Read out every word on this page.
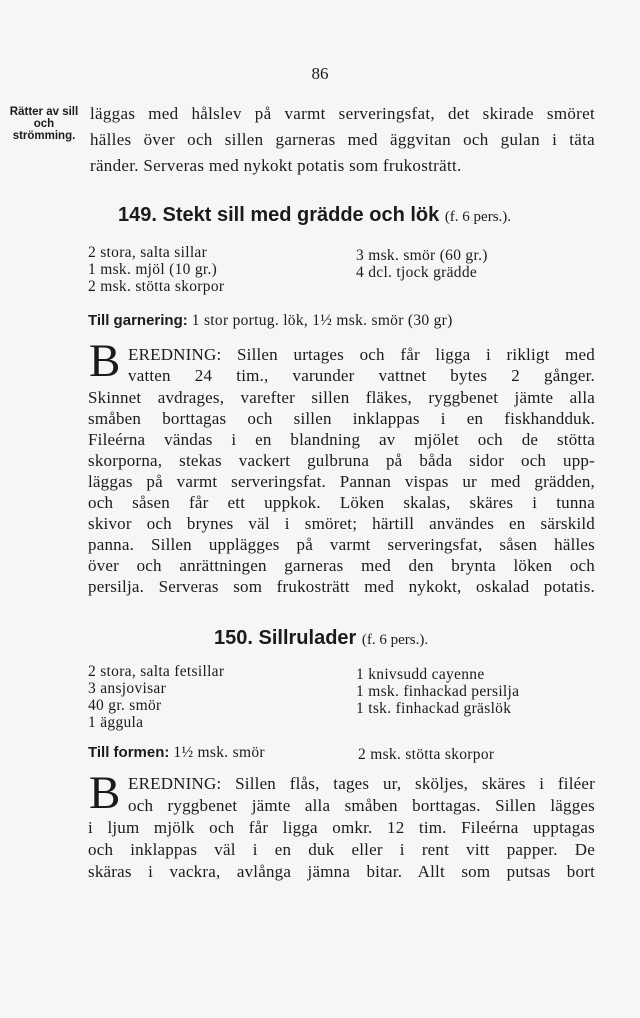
86
Rätter av sill
och
strömming.
läggas med hålslev på varmt serveringsfat, det skirade smöret
hälles över och sillen garneras med äggvitan och gulan i täta
ränder. Serveras med nykokt potatis som frukosträtt.
149. Stekt sill med grädde och lök (f. 6 pers.).
2 stora, salta sillar
1 msk. mjöl (10 gr.)
2 msk. stötta skorpor
3 msk. smör (60 gr.)
4 dcl. tjock grädde
Till garnering: 1 stor portug. lök, 1½ msk. smör (30 gr)
B EREDNING: Sillen urtages och får ligga i rikligt med
vatten 24 tim., varunder vattnet bytes 2 gånger.
Skinnet avdrages, varefter sillen fläkes, ryggbenet jämte alla
småben borttagas och sillen inklappas i en fiskhandduk.
Fileérna vändas i en blandning av mjölet och de stötta
skorporna, stekas vackert gulbruna på båda sidor och upp-
läggas på varmt serveringsfat. Pannan vispas ur med grädden,
och såsen får ett uppkok. Löken skalas, skäres i tunna
skivor och brynes väl i smöret; härtill användes en särskild
panna. Sillen upplägges på varmt serveringsfat, såsen hälles
över och anrättningen garneras med den brynta löken och
persilja. Serveras som frukosträtt med nykokt, oskalad potatis.
150. Sillrulader (f. 6 pers.).
2 stora, salta fetsillar
3 ansjovisar
40 gr. smör
1 äggula
1 knivsudd cayenne
1 msk. finhackad persilja
1 tsk. finhackad gräslök
Till formen: 1½ msk. smör	2 msk. stötta skorpor
B EREDNING: Sillen flås, tages ur, sköljes, skäres i filéer
och ryggbenet jämte alla småben borttagas. Sillen lägges
i ljum mjölk och får ligga omkr. 12 tim. Fileérna upptagas
och inklappas väl i en duk eller i rent vitt papper. De
skäras i vackra, avlånga jämna bitar. Allt som putsas bort
